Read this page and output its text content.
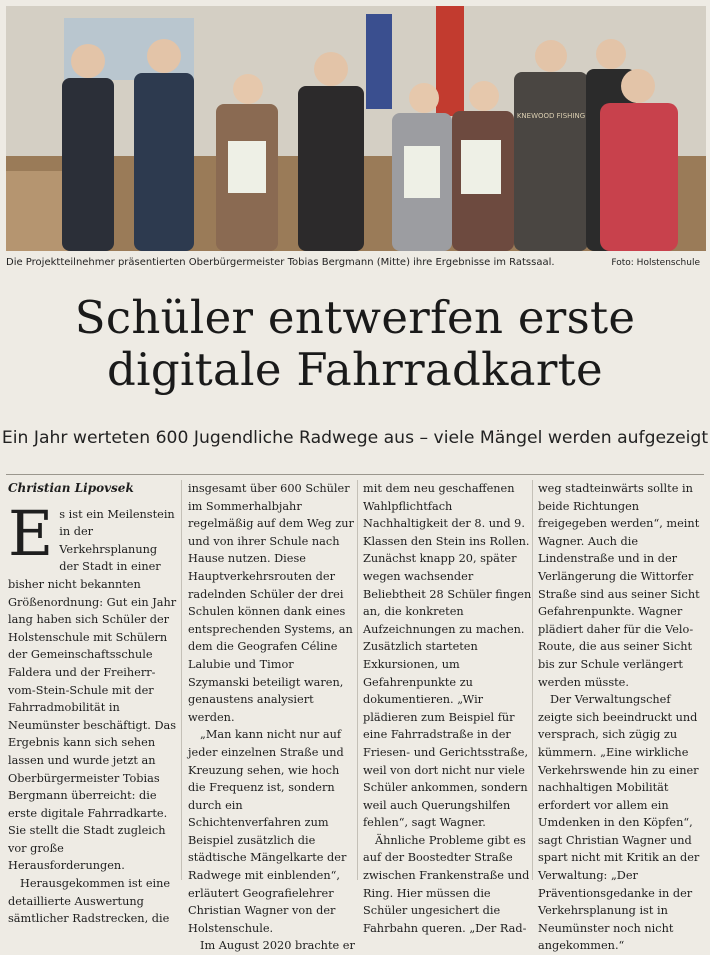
KNEWOOD FISHING
Die Projektteilnehmer präsentierten Oberbürgermeister Tobias Bergmann (Mitte) ihre Ergebnisse im Ratssaal.	Foto: Holstenschule
Schüler entwerfen erste
digitale Fahrradkarte
Ein Jahr werteten 600 Jugendliche Radwege aus – viele Mängel werden aufgezeigt
Christian Lipovsek

Es ist ein Meilenstein in der Verkehrsplanung der Stadt in einer bisher nicht bekannten Größenordnung: Gut ein Jahr lang haben sich Schüler der Holstenschule mit Schülern der Gemeinschaftsschule Faldera und der Freiherr-vom-Stein-Schule mit der Fahrradmobilität in Neumünster beschäftigt. Das Ergebnis kann sich sehen lassen und wurde jetzt an Oberbürgermeister Tobias Bergmann überreicht: die erste digitale Fahrradkarte. Sie stellt die Stadt zugleich vor große Herausforderungen.

Herausgekommen ist eine detaillierte Auswertung sämtlicher Radstrecken, die

insgesamt über 600 Schüler im Sommerhalbjahr regelmäßig auf dem Weg zur und von ihrer Schule nach Hause nutzen. Diese Hauptverkehrsrouten der radelnden Schüler der drei Schulen können dank eines entsprechenden Systems, an dem die Geografen Céline Lalubie und Timor Szymanski beteiligt waren, genaustens analysiert werden.

„Man kann nicht nur auf jeder einzelnen Straße und Kreuzung sehen, wie hoch die Frequenz ist, sondern durch ein Schichtenverfahren zum Beispiel zusätzlich die städtische Mängelkarte der Radwege mit einblenden“, erläutert Geografielehrer Christian Wagner von der Holstenschule.

Im August 2020 brachte er

mit dem neu geschaffenen Wahlpflichtfach Nachhaltigkeit der 8. und 9. Klassen den Stein ins Rollen. Zunächst knapp 20, später wegen wachsender Beliebtheit 28 Schüler fingen an, die konkreten Aufzeichnungen zu machen. Zusätzlich starteten Exkursionen, um Gefahrenpunkte zu dokumentieren. „Wir plädieren zum Beispiel für eine Fahrradstraße in der Friesen- und Gerichtsstraße, weil von dort nicht nur viele Schüler ankommen, sondern weil auch Querungshilfen fehlen“, sagt Wagner.

Ähnliche Probleme gibt es auf der Boostedter Straße zwischen Frankenstraße und Ring. Hier müssen die Schüler ungesichert die Fahrbahn queren. „Der Rad-

weg stadteinwärts sollte in beide Richtungen freigegeben werden“, meint Wagner. Auch die Lindenstraße und in der Verlängerung die Wittorfer Straße sind aus seiner Sicht Gefahrenpunkte. Wagner plädiert daher für die Velo-Route, die aus seiner Sicht bis zur Schule verlängert werden müsste.

Der Verwaltungschef zeigte sich beeindruckt und versprach, sich zügig zu kümmern. „Eine wirkliche Verkehrswende hin zu einer nachhaltigen Mobilität erfordert vor allem ein Umdenken in den Köpfen“, sagt Christian Wagner und spart nicht mit Kritik an der Verwaltung: „Der Präventionsgedanke in der Verkehrsplanung ist in Neumünster noch nicht angekommen.“
